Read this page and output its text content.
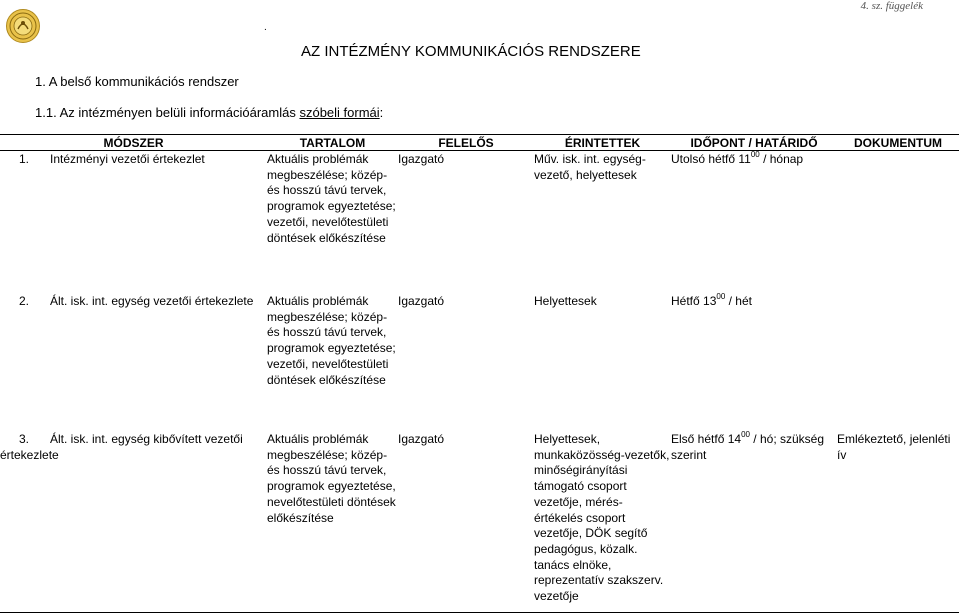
4. sz. függelék
.
AZ INTÉZMÉNY KOMMUNIKÁCIÓS RENDSZERE
1. A belső kommunikációs rendszer
1.1. Az intézményen belüli információáramlás szóbeli formái:
MÓDSZER	TARTALOM	FELELŐS	ÉRINTETTEK	IDŐPONT / HATÁRIDŐ	DOKUMENTUM
1. Intézményi vezetői értekezlet	Aktuális problémák megbeszélése; közép- és hosszú távú tervek, programok egyeztetése; vezetői, nevelőtestületi döntések előkészítése	Igazgató	Műv. isk. int. egység-vezető, helyettesek	Utolsó hétfő $11^{00}$ / hónap	
2. Ált. isk. int. egység vezetői értekezlete	Aktuális problémák megbeszélése; közép- és hosszú távú tervek, programok egyeztetése; vezetői, nevelőtestületi döntések előkészítése	Igazgató	Helyettesek	Hétfő $13^{00}$ / hét	
3. Ált. isk. int. egység kibővített vezetői értekezlete	Aktuális problémák megbeszélése; közép- és hosszú távú tervek, programok egyeztetése, nevelőtestületi döntések előkészítése	Igazgató	Helyettesek, munkaközösség-vezetők, minőségirányítási támogató csoport vezetője, mérés-értékelés csoport vezetője, DÖK segítő pedagógus, közalk. tanács elnöke, reprezentatív szakszerv. vezetője	Első hétfő $14^{00}$ / hó; szükség szerint	Emlékeztető, jelenléti ív
